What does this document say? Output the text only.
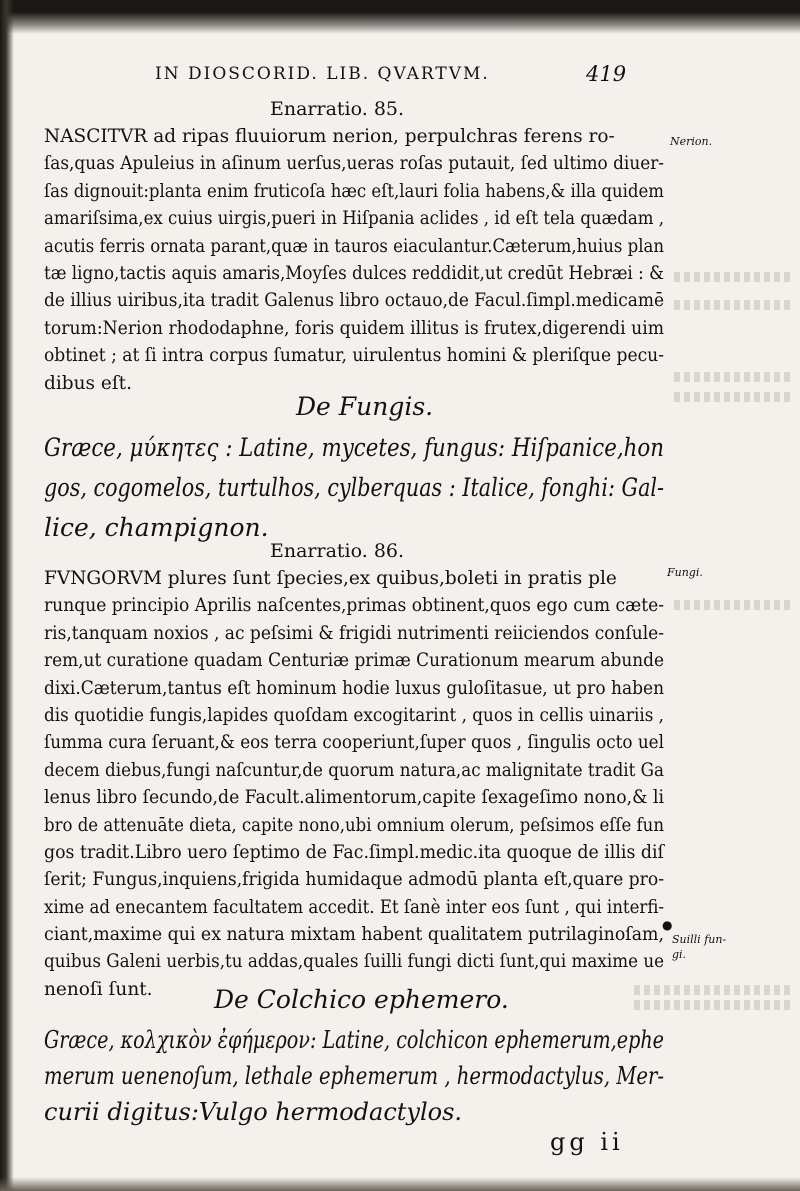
IN DIOSCORID. LIB. QVARTVM.	419
Enarratio. 85.
NASCITVR ad ripas fluuiorum nerion, perpulchras ferens ro-
ſas,quas Apuleius in aſinum uerſus,ueras roſas putauit, ſed ultimo diuer-
ſas dignouit:planta enim fruticoſa hæc eſt,lauri folia habens,& illa quidem
amariſsima,ex cuius uirgis,pueri in Hiſpania aclides , id eſt tela quædam ,
acutis ferris ornata parant,quæ in tauros eiaculantur.Cæterum,huius plan
tæ ligno,tactis aquis amaris,Moyſes dulces reddidit,ut credūt Hebræi : &
de illius uiribus,ita tradit Galenus libro octauo,de Facul.ſimpl.medicamē
torum:Nerion rhododaphne, foris quidem illitus is frutex,digerendi uim
obtinet ; at ſi intra corpus ſumatur, uirulentus homini & pleriſque pecu-
dibus eſt.
De Fungis.
Græce, μύκητες : Latine, mycetes, fungus: Hiſpanice,hon
gos, cogomelos, turtulhos, cylberquas : Italice, fonghi: Gal-
lice, champignon.
Enarratio. 86.
FVNGORVM plures ſunt ſpecies,ex quibus,boleti in pratis ple
runque principio Aprilis naſcentes,primas obtinent,quos ego cum cæte-
ris,tanquam noxios , ac peſsimi & frigidi nutrimenti reiiciendos conſule-
rem,ut curatione quadam Centuriæ primæ Curationum mearum abunde
dixi.Cæterum,tantus eſt hominum hodie luxus guloſitasue, ut pro haben
dis quotidie fungis,lapides quoſdam excogitarint , quos in cellis uinariis ,
ſumma cura ſeruant,& eos terra cooperiunt,ſuper quos , ſingulis octo uel
decem diebus,fungi naſcuntur,de quorum natura,ac malignitate tradit Ga
lenus libro ſecundo,de Facult.alimentorum,capite ſexageſimo nono,& li
bro de attenuāte dieta, capite nono,ubi omnium olerum, peſsimos eſſe fun
gos tradit.Libro uero ſeptimo de Fac.ſimpl.medic.ita quoque de illis diſ
ſerit; Fungus,inquiens,frigida humidaque admodū planta eſt,quare pro-
xime ad enecantem facultatem accedit. Et ſanè inter eos ſunt , qui interfi-
ciant,maxime qui ex natura mixtam habent qualitatem putrilaginoſam,
quibus Galeni uerbis,tu addas,quales ſuilli fungi dicti ſunt,qui maxime ue
nenoſi ſunt.	De Colchico ephemero.
Græce, κολχικὸν ἐφήμερον: Latine, colchicon ephemerum,ephe
merum uenenoſum, lethale ephemerum , hermodactylus, Mer-
curii digitus:Vulgo hermodactylos.
Nerion.
Fungi.
Suilli fun-
gi.
●
gg ii
